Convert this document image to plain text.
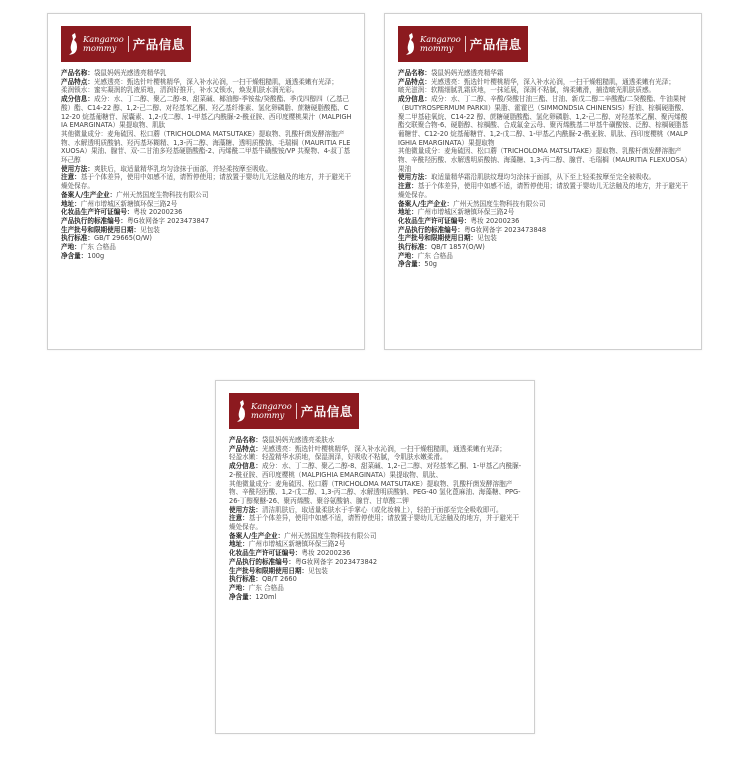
Kangaroo
mommy	产品信息

产品名称：袋鼠妈妈光感透亮精华乳

产品特点：光感透亮：甄选针叶樱桃精华，深入补水沁润，一扫干燥粗糙肌，通透柔嫩有光泽；

柔润锁水：蜜实凝润的乳液质地，清润好推开，补水又锁水，焕发肌肤水润光彩。

成分信息：成分：水、丁二醇、聚乙二醇-8、甜菜碱、椰油醇-季铵盐/癸酸酯、季戊四醇四（乙基己酸）酯、C14-22 醇、1,2-己二醇、对羟基苯乙酮、羟乙基纤维素、氢化卵磷脂、蔗糖硬脂酸酯、C12-20 烷基葡糖苷、尿囊素、1,2-戊二醇、1-甲基乙内酰脲-2-酰亚胺、西印度樱桃果汁（MALPIGHIA EMARGINATA）果提取物、肌肽

其他微量成分：麦角硫因、松口蘑（TRICHOLOMA MATSUTAKE）提取物、乳酸杆菌发酵溶胞产物、水解透明质酸钠、羟丙基环糊精、1,3-丙二醇、海藻糖、透明质酸钠、毛瑞榈（MAURITIA FLEXUOSA）果油、腺苷、双-二甘油多羟基硬脂酸酯-2、丙烯酰二甲基牛磺酸铵/VP 共聚物、4-叔丁基环己醇

使用方法：爽肤后，取适量精华乳均匀涂抹于面部，并轻柔按摩至吸收。

注意：基于个体差异，使用中如感不适，请暂停使用；请放置于婴幼儿无法触及的地方，并于避光干燥处保存。

备案人/生产企业：广州天然国度生物科技有限公司

地址：广州市增城区新塘镇环保三路2号

化妆品生产许可证编号：粤妆 20200236

产品执行的标准编号：粤G妆网备字 2023473847

生产批号和限期使用日期：见包装

执行标准：GB/T 29665(O/W)

产地：广东 合格品

净含量：100g

Kangaroo
mommy	产品信息

产品名称：袋鼠妈妈光感透亮精华霜

产品特点：光感透亮：甄选针叶樱桃精华，深入补水沁润，一扫干燥粗糙肌，通透柔嫩有光泽；

啵光滋润：软糯细腻乳霜质地，一抹延展，深润不粘腻，绵柔嫩滑，捕造啵光肌肤质感。

成分信息：成分：水、丁二醇、辛酸/癸酸甘油三酯、甘油、新戊二醇二辛酸酯/二癸酸酯、牛油果树（BUTYROSPERMUM PARKII）果脂、霍霍巴（SIMMONDSIA CHINENSIS）籽油、棕榈硬脂酸、聚二甲基硅氧烷、C14-22 醇、蔗糖硬脂酸酯、氢化卵磷脂、1,2-己二醇、对羟基苯乙酮、聚丙烯酸酯交联聚合物-6、硬脂醇、棕榈酸、合成氟金云母、聚丙烯酰基二甲基牛磺酸铵、泛醇、棕榈硬脂基葡糖苷、C12-20 烷基葡糖苷、1,2-戊二醇、1-甲基乙内酰脲-2-酰亚胺、肌肽、西印度樱桃（MALPIGHIA EMARGINATA）果提取物

其他微量成分：麦角硫因、松口蘑（TRICHOLOMA MATSUTAKE）提取物、乳酸杆菌发酵溶胞产物、辛酰羟肟酸、水解透明质酸钠、海藻糖、1,3-丙二醇、腺苷、毛瑞榈（MAURITIA FLEXUOSA）果油

使用方法：取适量精华霜沿肌肤纹理均匀涂抹于面部，从下至上轻柔按摩至完全被吸收。

注意：基于个体差异，使用中如感不适，请暂停使用；请放置于婴幼儿无法触及的地方，并于避光干燥处保存。

备案人/生产企业：广州天然国度生物科技有限公司

地址：广州市增城区新塘镇环保三路2号

化妆品生产许可证编号：粤妆 20200236

产品执行的标准编号：粤G妆网备字 2023473848

生产批号和限期使用日期：见包装

执行标准：QB/T 1857(O/W)

产地：广东 合格品

净含量：50g

Kangaroo
mommy	产品信息

产品名称：袋鼠妈妈光感透亮柔肤水

产品特点：光感透亮：甄选针叶樱桃精华，深入补水沁润，一扫干燥粗糙肌，通透柔嫩有光泽；

轻盈水嫩：轻盈精华水质地，保湿润泽，好吸收不粘腻，令肌肤水嫩柔滑。

成分信息：成分：水、丁二醇、聚乙二醇-8、甜菜碱、1,2-己二醇、对羟基苯乙酮、1-甲基乙内酰脲-2-酰亚胺、西印度樱桃（MALPIGHIA EMARGINATA）果提取物、肌肽、

其他微量成分：麦角硫因、松口蘑（TRICHOLOMA MATSUTAKE）提取物、乳酸杆菌发酵溶胞产物、辛酰羟肟酸、1,2-戊二醇、1,3-丙二醇、水解透明质酸钠、PEG-40 氢化蓖麻油、海藻糖、PPG-26-丁醇聚醚-26、聚丙烯酸、聚谷氨酸钠、腺苷、甘草酸二钾

使用方法：清洁肌肤后，取适量柔肤水于手掌心（或化妆棉上），轻拍于面部至完全吸收即可。

注意：基于个体差异，使用中如感不适，请暂停使用；请放置于婴幼儿无法触及的地方，并于避光干燥处保存。

备案人/生产企业：广州天然国度生物科技有限公司

地址：广州市增城区新塘镇环保三路2号

化妆品生产许可证编号：粤妆 20200236

产品执行的标准编号：粤G妆网备字 2023473842

生产批号和限期使用日期：见包装

执行标准：QB/T 2660

产地：广东 合格品

净含量：120ml
